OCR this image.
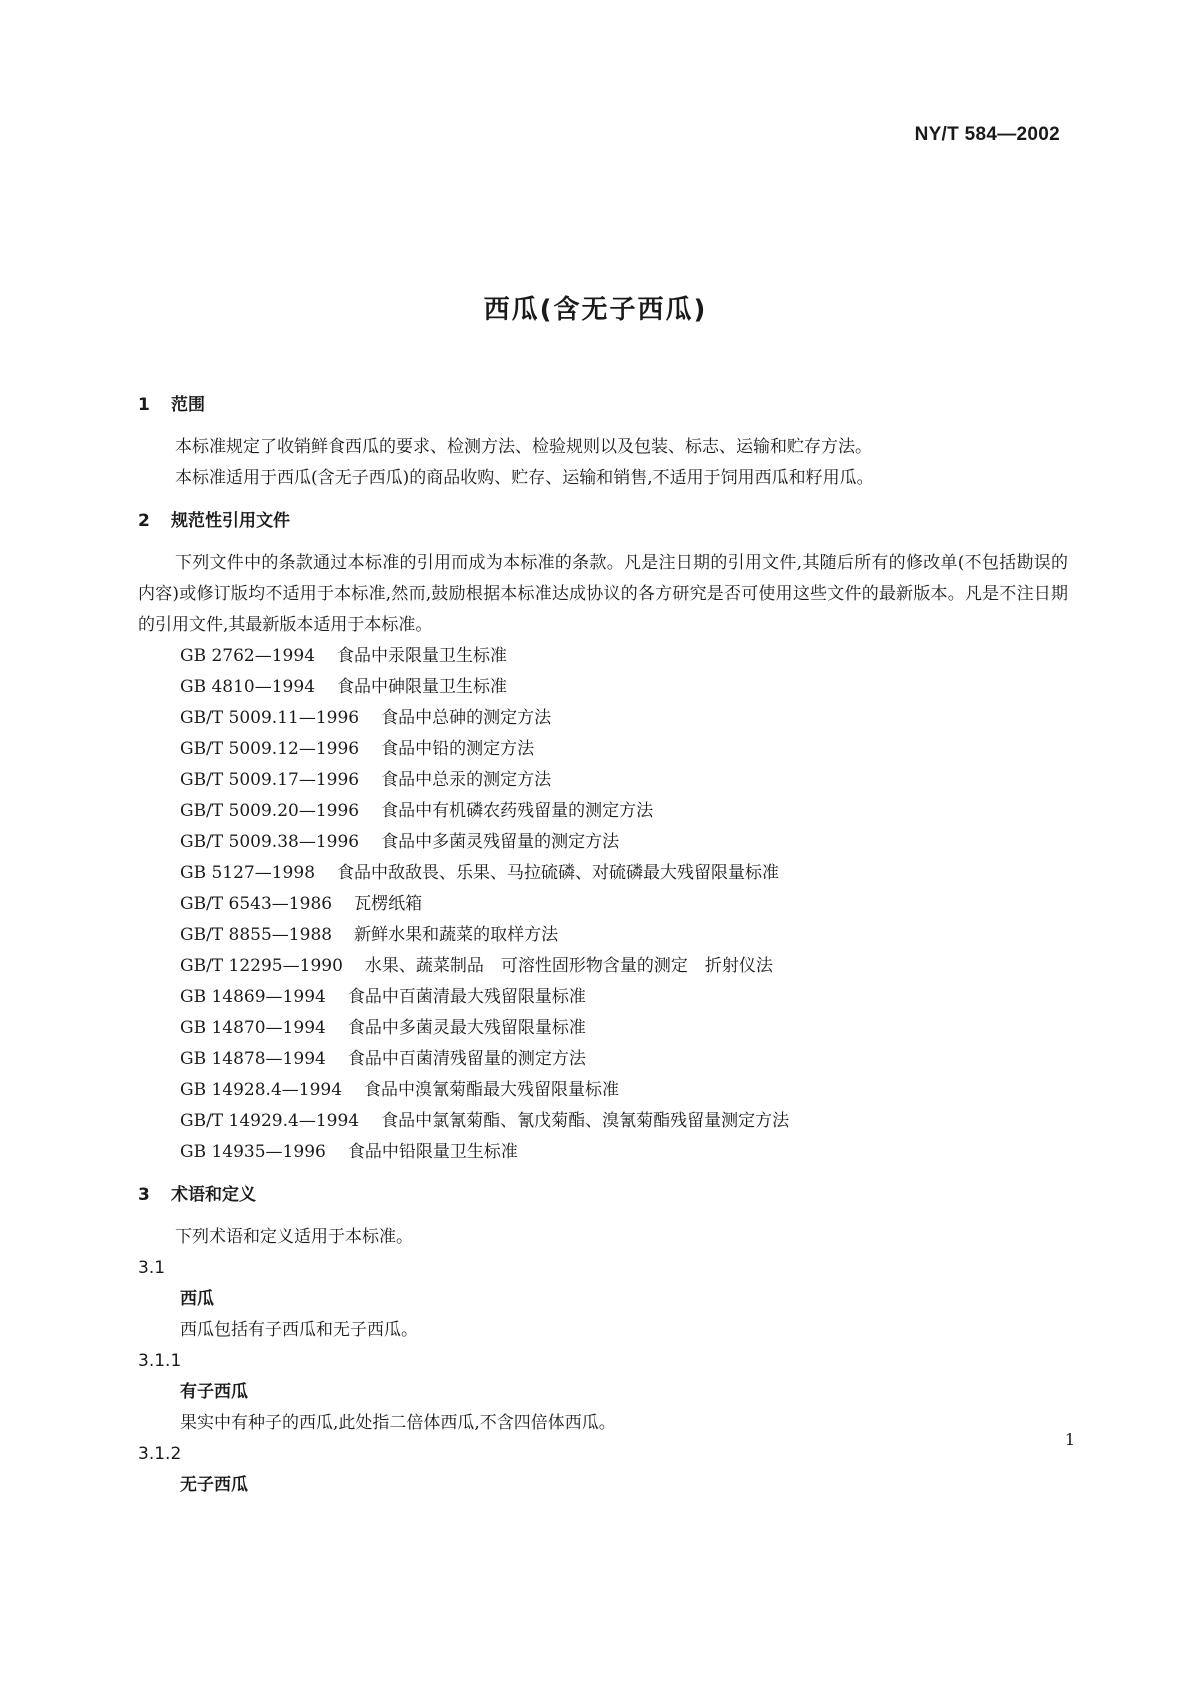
NY/T 584—2002
西瓜(含无子西瓜)
1 范围

本标准规定了收销鲜食西瓜的要求、检测方法、检验规则以及包装、标志、运输和贮存方法。

本标准适用于西瓜(含无子西瓜)的商品收购、贮存、运输和销售,不适用于饲用西瓜和籽用瓜。

2 规范性引用文件

下列文件中的条款通过本标准的引用而成为本标准的条款。凡是注日期的引用文件,其随后所有的修改单(不包括勘误的内容)或修订版均不适用于本标准,然而,鼓励根据本标准达成协议的各方研究是否可使用这些文件的最新版本。凡是不注日期的引用文件,其最新版本适用于本标准。

GB 2762—1994 食品中汞限量卫生标准
GB 4810—1994 食品中砷限量卫生标准
GB/T 5009.11—1996 食品中总砷的测定方法
GB/T 5009.12—1996 食品中铅的测定方法
GB/T 5009.17—1996 食品中总汞的测定方法
GB/T 5009.20—1996 食品中有机磷农药残留量的测定方法
GB/T 5009.38—1996 食品中多菌灵残留量的测定方法
GB 5127—1998 食品中敌敌畏、乐果、马拉硫磷、对硫磷最大残留限量标准
GB/T 6543—1986 瓦楞纸箱
GB/T 8855—1988 新鲜水果和蔬菜的取样方法
GB/T 12295—1990 水果、蔬菜制品　可溶性固形物含量的测定　折射仪法
GB 14869—1994 食品中百菌清最大残留限量标准
GB 14870—1994 食品中多菌灵最大残留限量标准
GB 14878—1994 食品中百菌清残留量的测定方法
GB 14928.4—1994 食品中溴氰菊酯最大残留限量标准
GB/T 14929.4—1994 食品中氯氰菊酯、氰戊菊酯、溴氰菊酯残留量测定方法
GB 14935—1996 食品中铅限量卫生标准
3 术语和定义

下列术语和定义适用于本标准。

3.1

西瓜

西瓜包括有子西瓜和无子西瓜。

3.1.1

有子西瓜

果实中有种子的西瓜,此处指二倍体西瓜,不含四倍体西瓜。

3.1.2

无子西瓜

1
